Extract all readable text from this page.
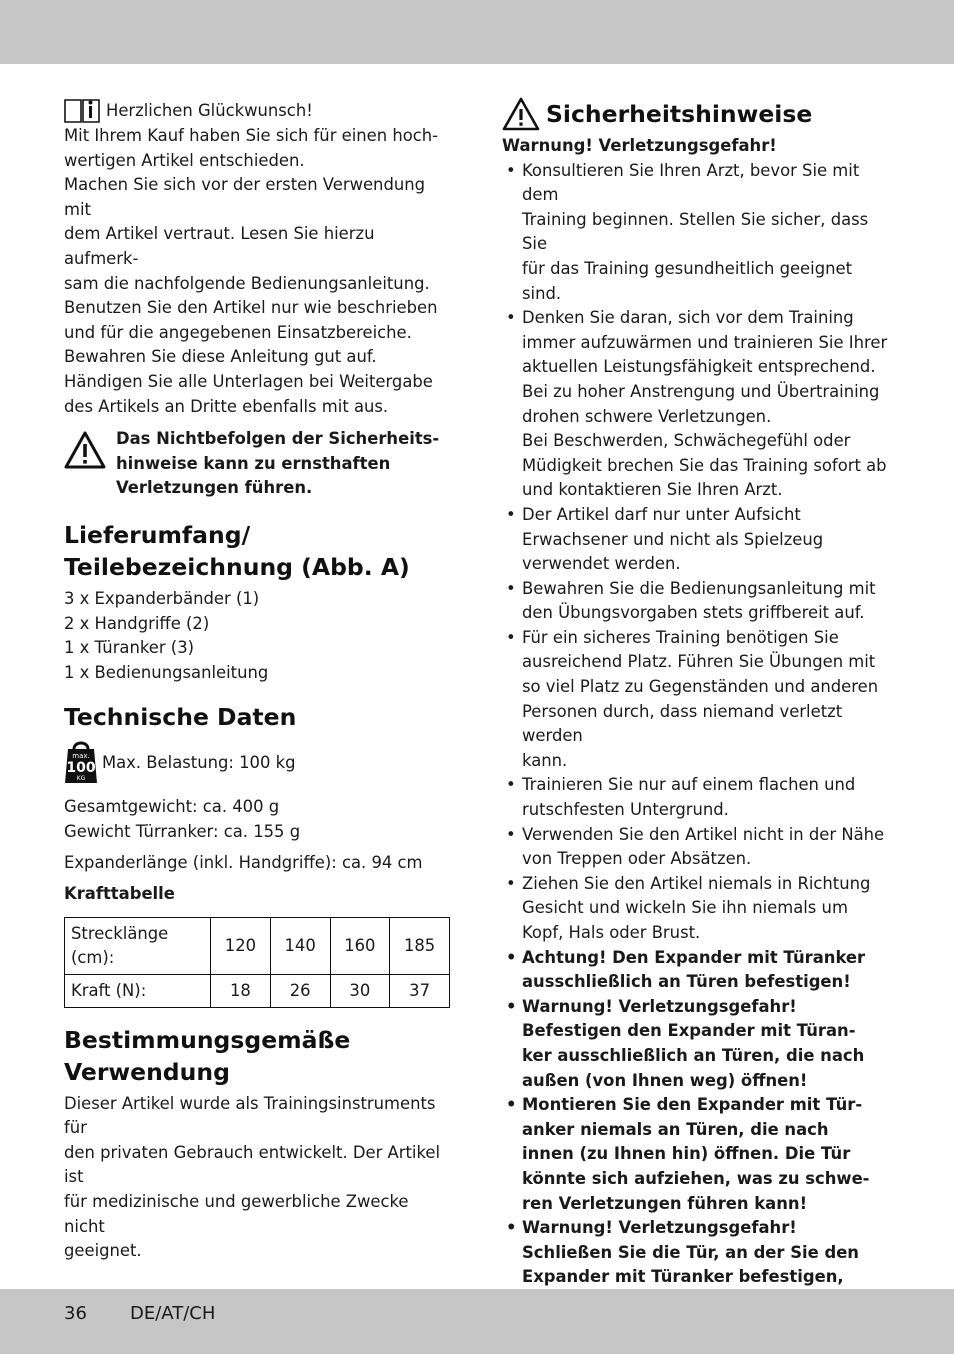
Herzlichen Glückwunsch!

Mit Ihrem Kauf haben Sie sich für einen hoch-

wertigen Artikel entschieden.

Machen Sie sich vor der ersten Verwendung mit

dem Artikel vertraut. Lesen Sie hierzu aufmerk-

sam die nachfolgende Bedienungsanleitung.

Benutzen Sie den Artikel nur wie beschrieben

und für die angegebenen Einsatzbereiche.

Bewahren Sie diese Anleitung gut auf.

Händigen Sie alle Unterlagen bei Weitergabe

des Artikels an Dritte ebenfalls mit aus.

Das Nichtbefolgen der Sicherheits-
hinweise kann zu ernsthaften
Verletzungen führen.
Lieferumfang/
Teilebezeichnung (Abb. A)

3 x Expanderbänder (1)

2 x Handgriffe (2)

1 x Türanker (3)

1 x Bedienungsanleitung

Technische Daten
max.
100
KG
Max. Belastung: 100 kg

Gesamtgewicht: ca. 400 g

Gewicht Türranker: ca. 155 g

Expanderlänge (inkl. Handgriffe): ca. 94 cm

Krafttabelle

Strecklänge (cm):	120	140	160	185
Kraft (N):	18	26	30	37
Bestimmungsgemäße
Verwendung

Dieser Artikel wurde als Trainingsinstruments für

den privaten Gebrauch entwickelt. Der Artikel ist

für medizinische und gewerbliche Zwecke nicht

geeignet.

Sicherheitshinweise

Warnung! Verletzungsgefahr!

• Konsultieren Sie Ihren Arzt, bevor Sie mit dem
Training beginnen. Stellen Sie sicher, dass Sie
für das Training gesundheitlich geeignet sind.
• Denken Sie daran, sich vor dem Training
immer aufzuwärmen und trainieren Sie Ihrer
aktuellen Leistungsfähigkeit entsprechend.
Bei zu hoher Anstrengung und Übertraining
drohen schwere Verletzungen.
Bei Beschwerden, Schwächegefühl oder
Müdigkeit brechen Sie das Training sofort ab
und kontaktieren Sie Ihren Arzt.
• Der Artikel darf nur unter Aufsicht
Erwachsener und nicht als Spielzeug
verwendet werden.
• Bewahren Sie die Bedienungsanleitung mit
den Übungsvorgaben stets griffbereit auf.
• Für ein sicheres Training benötigen Sie
ausreichend Platz. Führen Sie Übungen mit
so viel Platz zu Gegenständen und anderen
Personen durch, dass niemand verletzt werden
kann.
• Trainieren Sie nur auf einem flachen und
rutschfesten Untergrund.
• Verwenden Sie den Artikel nicht in der Nähe
von Treppen oder Absätzen.
• Ziehen Sie den Artikel niemals in Richtung
Gesicht und wickeln Sie ihn niemals um
Kopf, Hals oder Brust.
• Achtung! Den Expander mit Türanker
ausschließlich an Türen befestigen!
• Warnung! Verletzungsgefahr!
Befestigen den Expander mit Türan-
ker ausschließlich an Türen, die nach
außen (von Ihnen weg) öffnen!
• Montieren Sie den Expander mit Tür-
anker niemals an Türen, die nach
innen (zu Ihnen hin) öffnen. Die Tür
könnte sich aufziehen, was zu schwe-
ren Verletzungen führen kann!
• Warnung! Verletzungsgefahr!
Schließen Sie die Tür, an der Sie den
Expander mit Türanker befestigen,
36 DE/AT/CH
